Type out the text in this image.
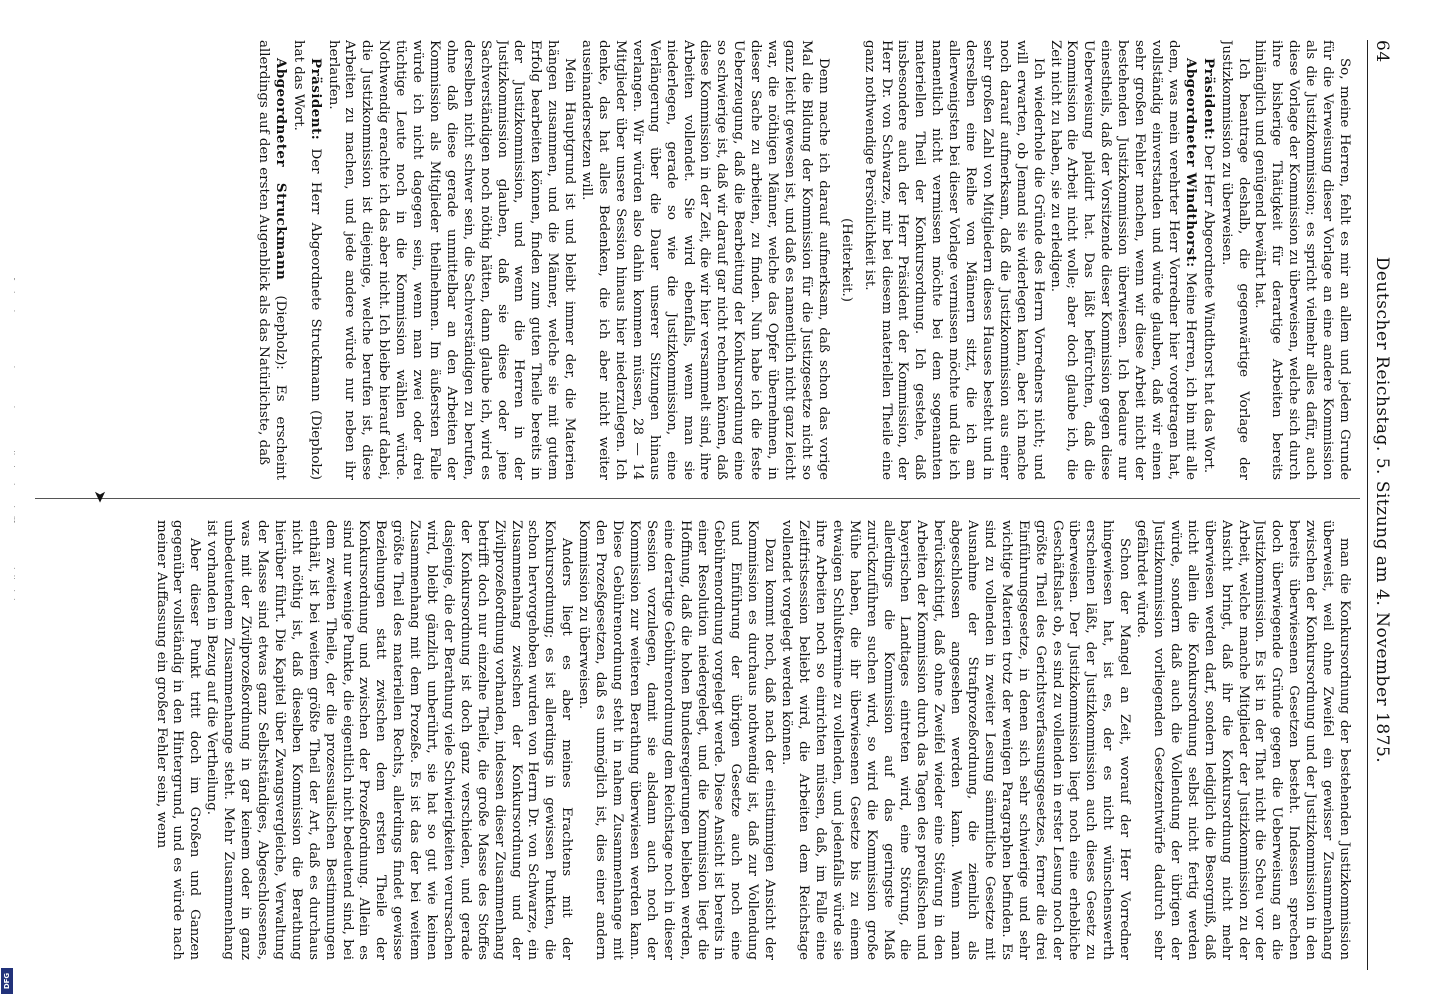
DFG
64
Deutscher Reichstag. 5. Sitzung am 4. November 1875.

So, meine Herren, fehlt es mir an allem und jedem Grunde für die Verweisung dieser Vorlage an eine andere Kommission als die Justizkommission; es spricht vielmehr alles dafür, auch diese Vorlage der Kommission zu überweisen, welche sich durch ihre bisherige Thätigkeit für derartige Arbeiten bereits hinlänglich und genügend bewährt hat.

Ich beantrage deshalb, die gegenwärtige Vorlage der Justizkommission zu überweisen.

Präsident: Der Herr Abgeordnete Windthorst hat das Wort.

Abgeordneter Windthorst: Meine Herren, ich bin mit alle dem, was mein verehrter Herr Vorredner hier vorgetragen hat, vollständig einverstanden und würde glauben, daß wir einen sehr großen Fehler machen, wenn wir diese Arbeit nicht der bestehenden Justizkommission überwiesen. Ich bedaure nur einestheils, daß der Vorsitzende dieser Kommission gegen diese Ueberweisung plaidirt hat. Das läßt befürchten, daß die Kommission die Arbeit nicht wolle; aber doch glaube ich, die Zeit nicht zu haben, sie zu erledigen.

Ich wiederhole die Gründe des Herrn Vorredners nicht; und will erwarten, ob Jemand sie widerlegen kann, aber ich mache noch darauf aufmerksam, daß die Justizkommission aus einer sehr großen Zahl von Mitgliedern dieses Hauses besteht und in derselben eine Reihe von Männern sitzt, die ich am allerwenigsten bei dieser Vorlage vermissen möchte und die ich namentlich nicht vermissen möchte bei dem sogenannten materiellen Theil der Konkursordnung. Ich gestehe, daß insbesondere auch der Herr Präsident der Kommission, der Herr Dr. von Schwarze, mir bei diesem materiellen Theile eine ganz nothwendige Persönlichkeit ist.

(Heiterkeit.)

Denn mache ich darauf aufmerksam, daß schon das vorige Mal die Bildung der Kommission für die Justizgesetze nicht so ganz leicht gewesen ist, und daß es namentlich nicht ganz leicht war, die nöthigen Männer, welche das Opfer übernehmen, in dieser Sache zu arbeiten, zu finden. Nun habe ich die feste Ueberzeugung, daß die Bearbeitung der Konkursordnung eine so schwierige ist, daß wir darauf gar nicht rechnen können, daß diese Kommission in der Zeit, die wir hier versammelt sind, ihre Arbeiten vollendet. Sie wird ebenfalls, wenn man sie niederlegen, gerade so wie die Justizkommission, eine Verlängerung über die Dauer unserer Sitzungen hinaus verlangen. Wir würden also dahin kommen müssen, 28 — 14 Mitglieder über unsere Session hinaus hier niederzulegen. Ich denke, das hat alles Bedenken, die ich aber nicht weiter auseinandersetzen will.

Mein Hauptgrund ist und bleibt immer der, die Materien hängen zusammen, und die Männer, welche sie mit gutem Erfolg bearbeiten können, finden zum guten Theile bereits in der Justizkommission, und wenn die Herren in der Justizkommission glauben, daß sie diese oder jene Sachverständigen noch nöthig hätten, dann glaube ich, wird es derselben nicht schwer sein, die Sachverständigen zu berufen, ohne daß diese gerade unmittelbar an den Arbeiten der Kommission als Mitglieder theilnehmen. Im äußersten Falle würde ich nicht dagegen sein, wenn man zwei oder drei tüchtige Leute noch in die Kommission wählen würde. Nothwendig erachte ich das aber nicht. Ich bleibe hierauf dabei, die Justizkommission ist diejenige, welche berufen ist, diese Arbeiten zu machen, und jede andere würde nur neben ihr herlaufen.

Präsident: Der Herr Abgeordnete Struckmann (Diepholz) hat das Wort.

Abgeordneter Struckmann (Diepholz): Es erscheint allerdings auf den ersten Augenblick als das Natürlichste, daß

➤

man die Konkursordnung der bestehenden Justizkommission überweist, weil ohne Zweifel ein gewisser Zusammenhang zwischen der Konkursordnung und der Justizkommission in den bereits überwiesenen Gesetzen besteht. Indessen sprechen doch überwiegende Gründe gegen die Ueberweisung an die Justizkommission. Es ist in der That nicht die Scheu vor der Arbeit, welche manche Mitglieder der Justizkommission zu der Ansicht bringt, daß ihr die Konkursordnung nicht mehr überwiesen werden darf, sondern lediglich die Besorgniß, daß nicht allein die Konkursordnung selbst nicht fertig werden würde, sondern daß auch die Vollendung der übrigen der Justizkommission vorliegenden Gesetzentwürfe dadurch sehr gefährdet würde.

Schon der Mangel an Zeit, worauf der Herr Vorredner hingewiesen hat, ist es, der es nicht wünschenswerth erscheinen läßt, der Justizkommission auch dieses Gesetz zu überweisen. Der Justizkommission liegt noch eine erhebliche Geschäftslast ob, es sind zu vollenden in erster Lesung noch der größte Theil des Gerichtsverfassungsgesetzes, ferner die drei Einführungsgesetze, in denen sich sehr schwierige und sehr wichtige Materien trotz der wenigen Paragraphen befinden. Es sind zu vollenden in zweiter Lesung sämmtliche Gesetze mit Ausnahme der Strafprozeßordnung, die ziemlich als abgeschlossen angesehen werden kann. Wenn man berücksichtigt, daß ohne Zweifel wieder eine Störung in den Arbeiten der Kommission durch das Tagen des preußischen und bayerischen Landtages eintreten wird, eine Störung, die allerdings die Kommission auf das geringste Maß zurückzuführen suchen wird, so wird die Kommission große Mühe haben, die ihr überwiesenen Gesetze bis zu einem etwaigen Schlußtermine zu vollenden, und jedenfalls würde sie ihre Arbeiten noch so einrichten müssen, daß, im Falle eine Zeitfristsession beliebt wird, die Arbeiten dem Reichstage vollendet vorgelegt werden können.

Dazu kommt noch, daß nach der einstimmigen Ansicht der Kommission es durchaus nothwendig ist, daß zur Vollendung und Einführung der übrigen Gesetze auch noch eine Gebührenordnung vorgelegt werde. Diese Ansicht ist bereits in einer Resolution niedergelegt, und die Kommission liegt die Hoffnung, daß die hohen Bundesregierungen belieben werden, eine derartige Gebührenordnung dem Reichstage noch in dieser Session vorzulegen, damit sie alsdann auch noch der Kommission zur weiteren Berathung überwiesen werden kann. Diese Gebührenordnung steht in nahem Zusammenhange mit den Prozeßgesetzen, daß es unmöglich ist, dies einer andern Kommission zu überweisen.

Anders liegt es aber meines Erachtens mit der Konkursordnung; es ist allerdings in gewissen Punkten, die schon hervorgehoben wurden von Herrn Dr. von Schwarze, ein Zusammenhang zwischen der Konkursordnung und der Zivilprozeßordnung vorhanden, indessen dieser Zusammenhang betrifft doch nur einzelne Theile, die große Masse des Stoffes der Konkursordnung ist doch ganz verschieden, und gerade dasjenige, die der Berathung viele Schwierigkeiten verursachen wird, bleibt gänzlich unberührt, sie hat so gut wie keinen Zusammenhang mit dem Prozeße. Es ist das der bei weitem größte Theil des materiellen Rechts, allerdings findet gewisse Beziehungen statt zwischen dem ersten Theile der Konkursordnung und zwischen der Prozeßordnung. Allein es sind nur wenige Punkte, die eigentlich nicht bedeutend sind, bei dem zweiten Theile, der die prozessualischen Bestimmungen enthält, ist bei weitem größte Theil der Art, daß es durchaus nicht nöthig ist, daß dieselben Kommission die Berathung hierüber führt. Die Kapitel über Zwangsvergleiche, Verwaltung der Masse sind etwas ganz Selbstständiges, Abgeschlossenes, was mit der Zivilprozeßordnung in gar keinem oder in ganz unbedeutendem Zusammenhange steht. Mehr Zusammenhang ist vorhanden in Bezug auf die Vertheilung.

Aber dieser Punkt tritt doch im Großen und Ganzen gegenüber vollständig in den Hintergrund, und es würde nach meiner Auffassung ein großer Fehler sein, wenn
